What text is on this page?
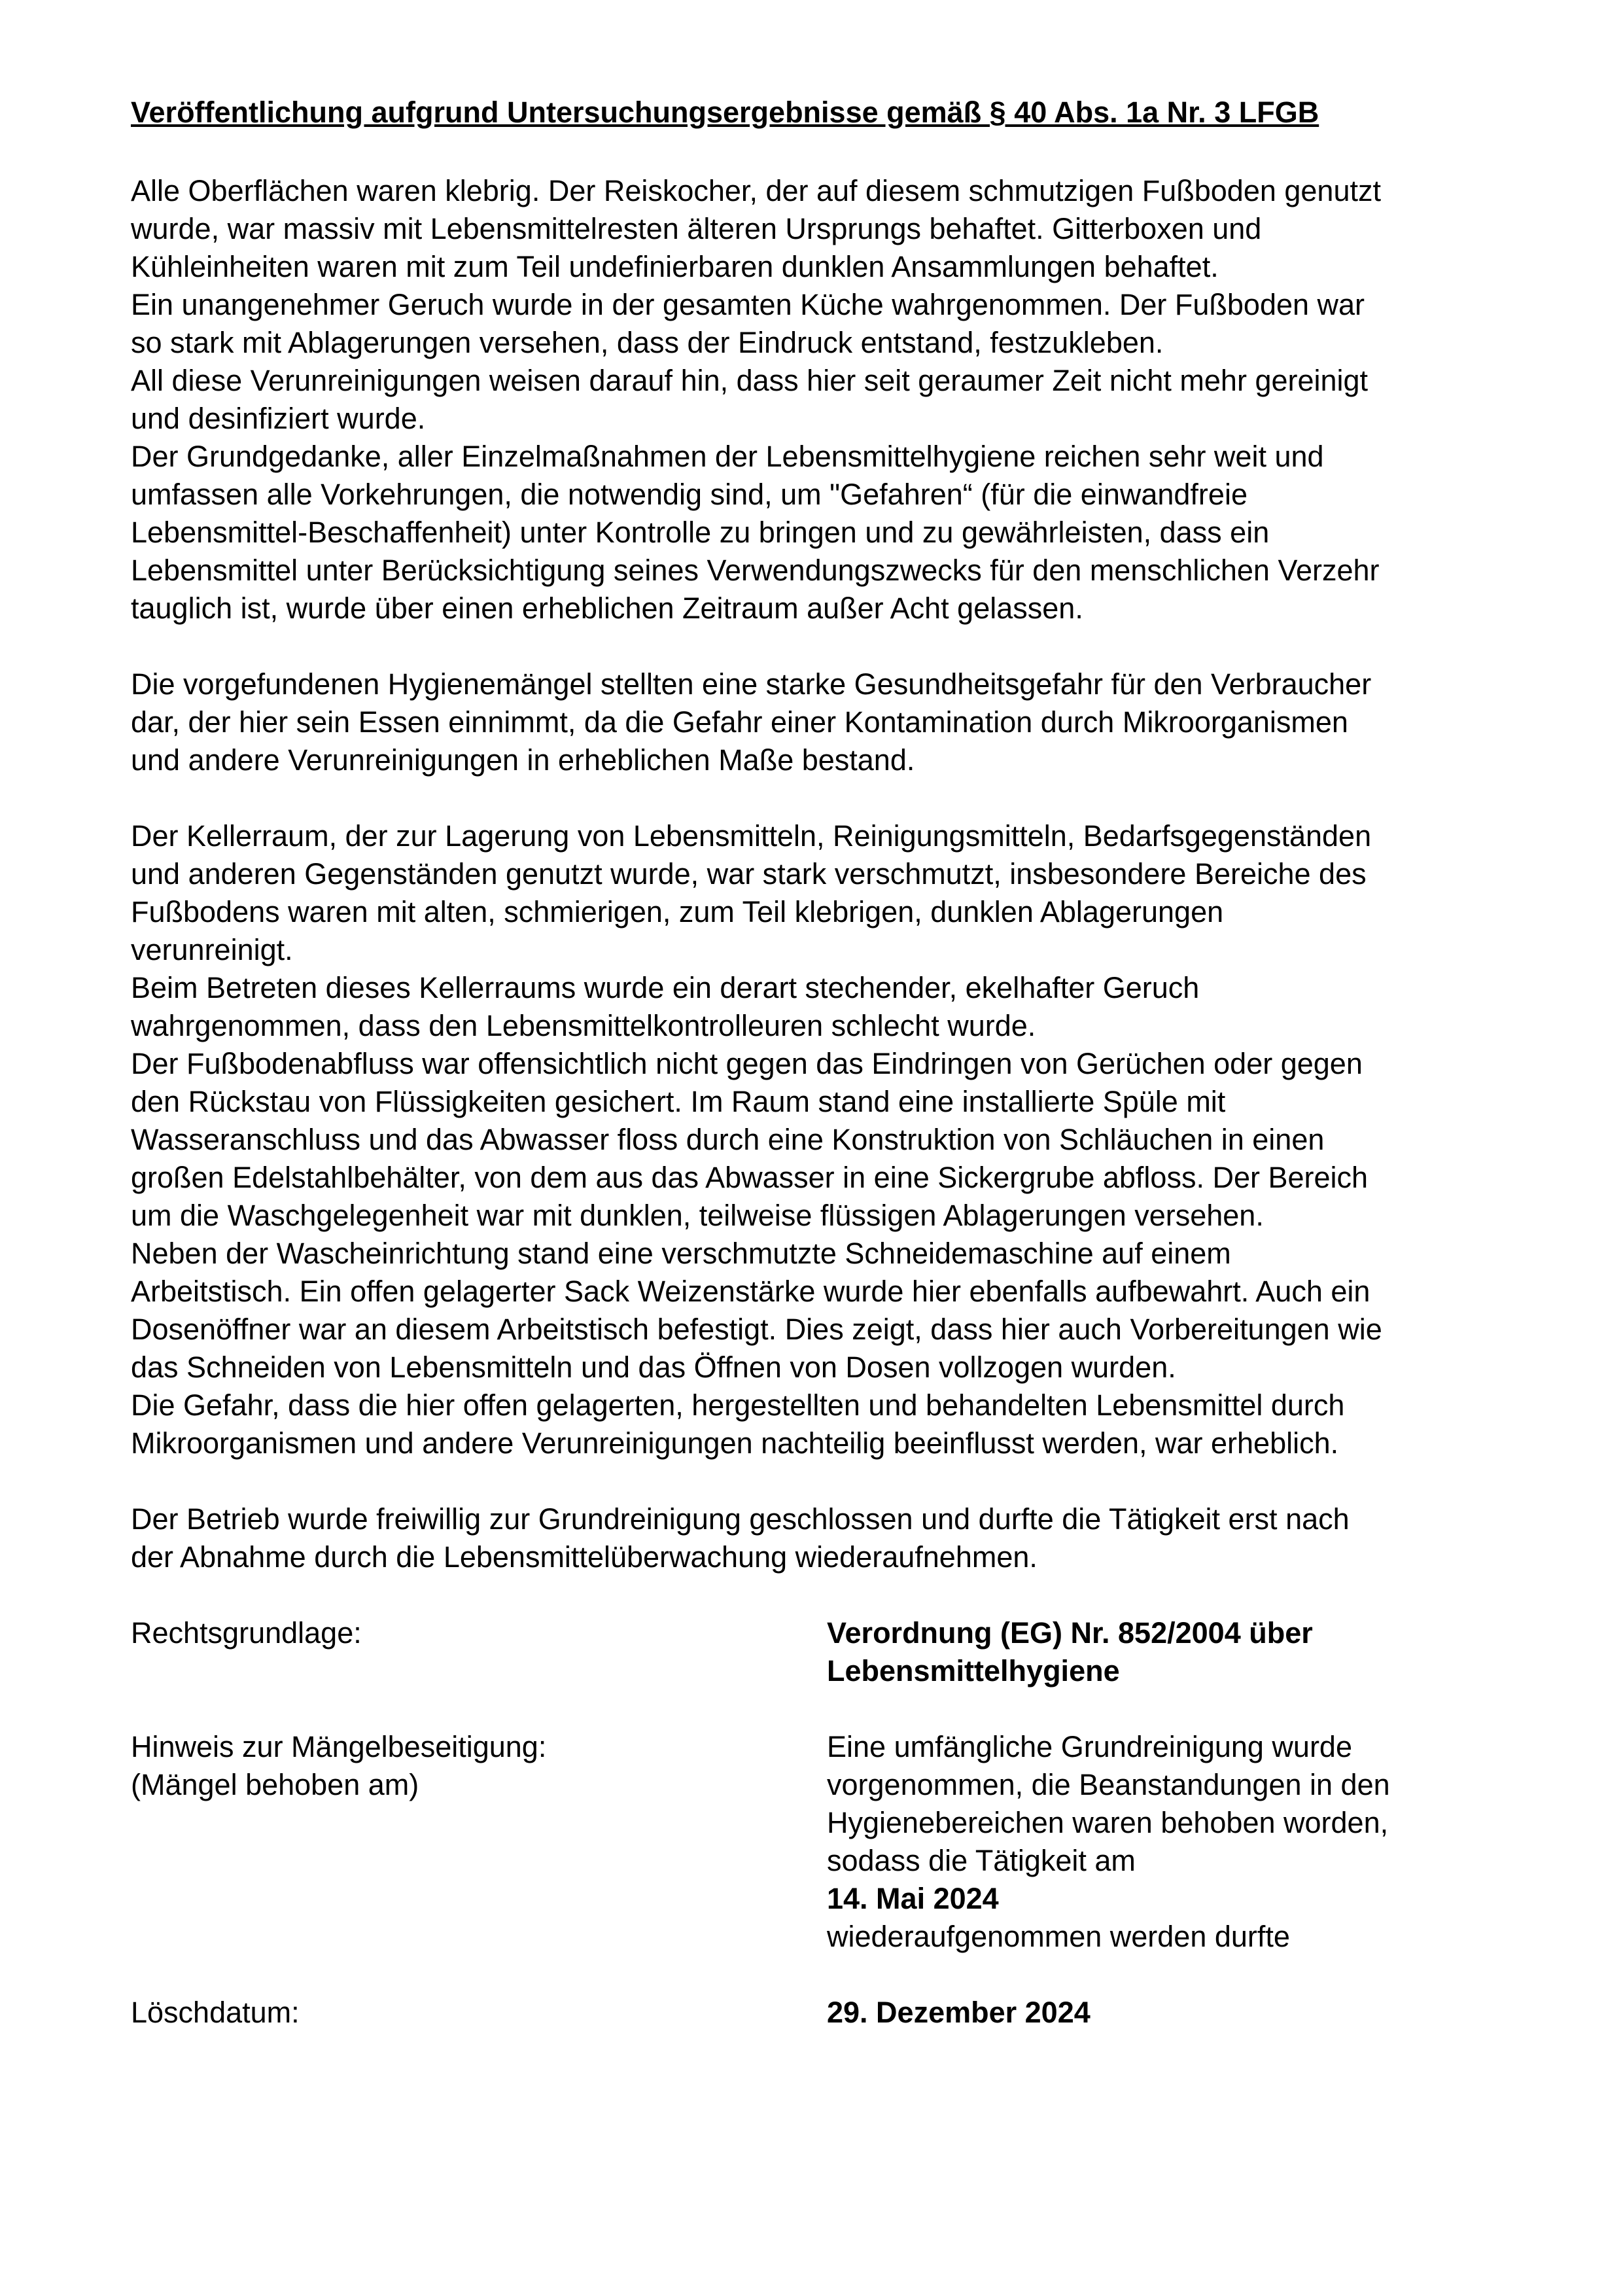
Veröffentlichung aufgrund Untersuchungsergebnisse gemäß § 40 Abs. 1a Nr. 3 LFGB
Alle Oberflächen waren klebrig. Der Reiskocher, der auf diesem schmutzigen Fußboden genutzt
wurde, war massiv mit Lebensmittelresten älteren Ursprungs behaftet. Gitterboxen und
Kühleinheiten waren mit zum Teil undefinierbaren dunklen Ansammlungen behaftet.
Ein unangenehmer Geruch wurde in der gesamten Küche wahrgenommen. Der Fußboden war
so stark mit Ablagerungen versehen, dass der Eindruck entstand, festzukleben.
All diese Verunreinigungen weisen darauf hin, dass hier seit geraumer Zeit nicht mehr gereinigt
und desinfiziert wurde.
Der Grundgedanke, aller Einzelmaßnahmen der Lebensmittelhygiene reichen sehr weit und
umfassen alle Vorkehrungen, die notwendig sind, um "Gefahren“ (für die einwandfreie
Lebensmittel-Beschaffenheit) unter Kontrolle zu bringen und zu gewährleisten, dass ein
Lebensmittel unter Berücksichtigung seines Verwendungszwecks für den menschlichen Verzehr
tauglich ist, wurde über einen erheblichen Zeitraum außer Acht gelassen.
Die vorgefundenen Hygienemängel stellten eine starke Gesundheitsgefahr für den Verbraucher
dar, der hier sein Essen einnimmt, da die Gefahr einer Kontamination durch Mikroorganismen
und andere Verunreinigungen in erheblichen Maße bestand.
Der Kellerraum, der zur Lagerung von Lebensmitteln, Reinigungsmitteln, Bedarfsgegenständen
und anderen Gegenständen genutzt wurde, war stark verschmutzt, insbesondere Bereiche des
Fußbodens waren mit alten, schmierigen, zum Teil klebrigen, dunklen Ablagerungen
verunreinigt.
Beim Betreten dieses Kellerraums wurde ein derart stechender, ekelhafter Geruch
wahrgenommen, dass den Lebensmittelkontrolleuren schlecht wurde.
Der Fußbodenabfluss war offensichtlich nicht gegen das Eindringen von Gerüchen oder gegen
den Rückstau von Flüssigkeiten gesichert. Im Raum stand eine installierte Spüle mit
Wasseranschluss und das Abwasser floss durch eine Konstruktion von Schläuchen in einen
großen Edelstahlbehälter, von dem aus das Abwasser in eine Sickergrube abfloss. Der Bereich
um die Waschgelegenheit war mit dunklen, teilweise flüssigen Ablagerungen versehen.
Neben der Wascheinrichtung stand eine verschmutzte Schneidemaschine auf einem
Arbeitstisch. Ein offen gelagerter Sack Weizenstärke wurde hier ebenfalls aufbewahrt. Auch ein
Dosenöffner war an diesem Arbeitstisch befestigt. Dies zeigt, dass hier auch Vorbereitungen wie
das Schneiden von Lebensmitteln und das Öffnen von Dosen vollzogen wurden.
Die Gefahr, dass die hier offen gelagerten, hergestellten und behandelten Lebensmittel durch
Mikroorganismen und andere Verunreinigungen nachteilig beeinflusst werden, war erheblich.
Der Betrieb wurde freiwillig zur Grundreinigung geschlossen und durfte die Tätigkeit erst nach
der Abnahme durch die Lebensmittelüberwachung wiederaufnehmen.
Rechtsgrundlage:	Verordnung (EG) Nr. 852/2004 über
Lebensmittelhygiene
Hinweis zur Mängelbeseitigung:
(Mängel behoben am)
Eine umfängliche Grundreinigung wurde
vorgenommen, die Beanstandungen in den
Hygienebereichen waren behoben worden,
sodass die Tätigkeit am
14. Mai 2024
wiederaufgenommen werden durfte
Löschdatum:	29. Dezember 2024
